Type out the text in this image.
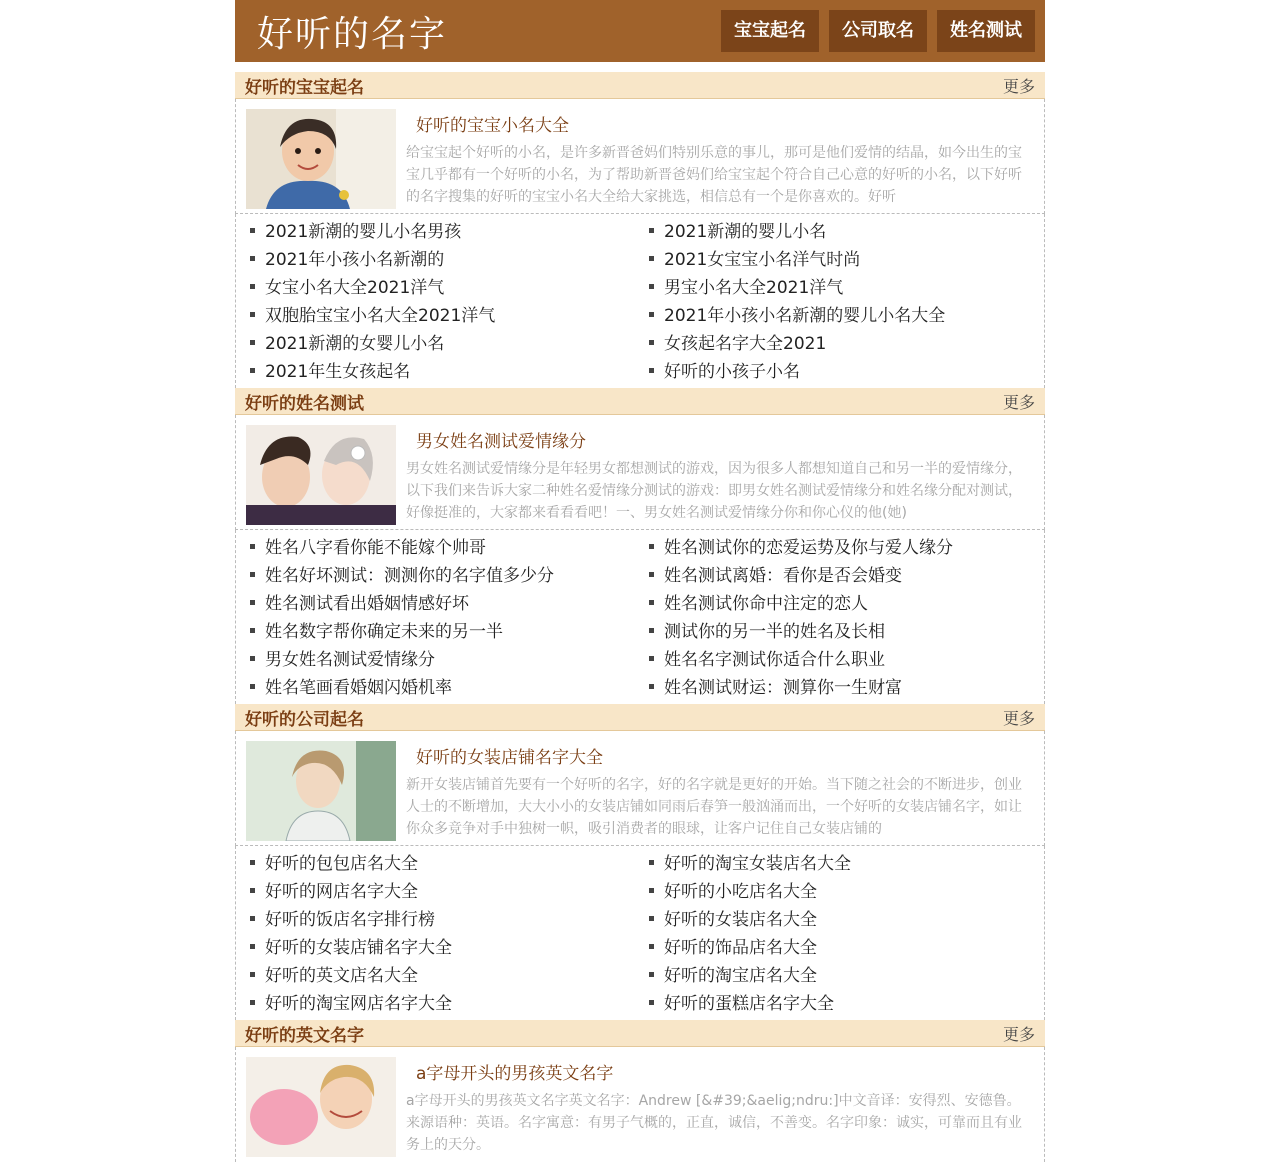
好听的名字	宝宝起名	公司取名	姓名测试
好听的宝宝起名	更多
好听的宝宝小名大全

给宝宝起个好听的小名，是许多新晋爸妈们特别乐意的事儿，那可是他们爱情的结晶，如今出生的宝宝几乎都有一个好听的小名，为了帮助新晋爸妈们给宝宝起个符合自己心意的好听的小名，以下好听的名字搜集的好听的宝宝小名大全给大家挑选，相信总有一个是你喜欢的。好听

2021新潮的婴儿小名男孩	2021新潮的婴儿小名
2021年小孩小名新潮的	2021女宝宝小名洋气时尚
女宝小名大全2021洋气	男宝小名大全2021洋气
双胞胎宝宝小名大全2021洋气	2021年小孩小名新潮的婴儿小名大全
2021新潮的女婴儿小名	女孩起名字大全2021
2021年生女孩起名	好听的小孩子小名
好听的姓名测试	更多
男女姓名测试爱情缘分

男女姓名测试爱情缘分是年轻男女都想测试的游戏，因为很多人都想知道自己和另一半的爱情缘分，以下我们来告诉大家二种姓名爱情缘分测试的游戏：即男女姓名测试爱情缘分和姓名缘分配对测试，好像挺准的，大家都来看看看吧！一、男女姓名测试爱情缘分你和你心仪的他(她)

姓名八字看你能不能嫁个帅哥	姓名测试你的恋爱运势及你与爱人缘分
姓名好坏测试：测测你的名字值多少分	姓名测试离婚：看你是否会婚变
姓名测试看出婚姻情感好坏	姓名测试你命中注定的恋人
姓名数字帮你确定未来的另一半	测试你的另一半的姓名及长相
男女姓名测试爱情缘分	姓名名字测试你适合什么职业
姓名笔画看婚姻闪婚机率	姓名测试财运：测算你一生财富
好听的公司起名	更多
好听的女装店铺名字大全

新开女装店铺首先要有一个好听的名字，好的名字就是更好的开始。当下随之社会的不断进步，创业人士的不断增加，大大小小的女装店铺如同雨后春笋一般汹涌而出，一个好听的女装店铺名字，如让你众多竞争对手中独树一帜，吸引消费者的眼球，让客户记住自己女装店铺的

好听的包包店名大全	好听的淘宝女装店名大全
好听的网店名字大全	好听的小吃店名大全
好听的饭店名字排行榜	好听的女装店名大全
好听的女装店铺名字大全	好听的饰品店名大全
好听的英文店名大全	好听的淘宝店名大全
好听的淘宝网店名字大全	好听的蛋糕店名字大全
好听的英文名字	更多
a字母开头的男孩英文名字

a字母开头的男孩英文名字英文名字：Andrew [&#39;&aelig;ndru:]中文音译：安得烈、安德鲁。来源语种：英语。名字寓意：有男子气概的，正直，诚信，不善变。名字印象：诚实，可靠而且有业务上的天分。
